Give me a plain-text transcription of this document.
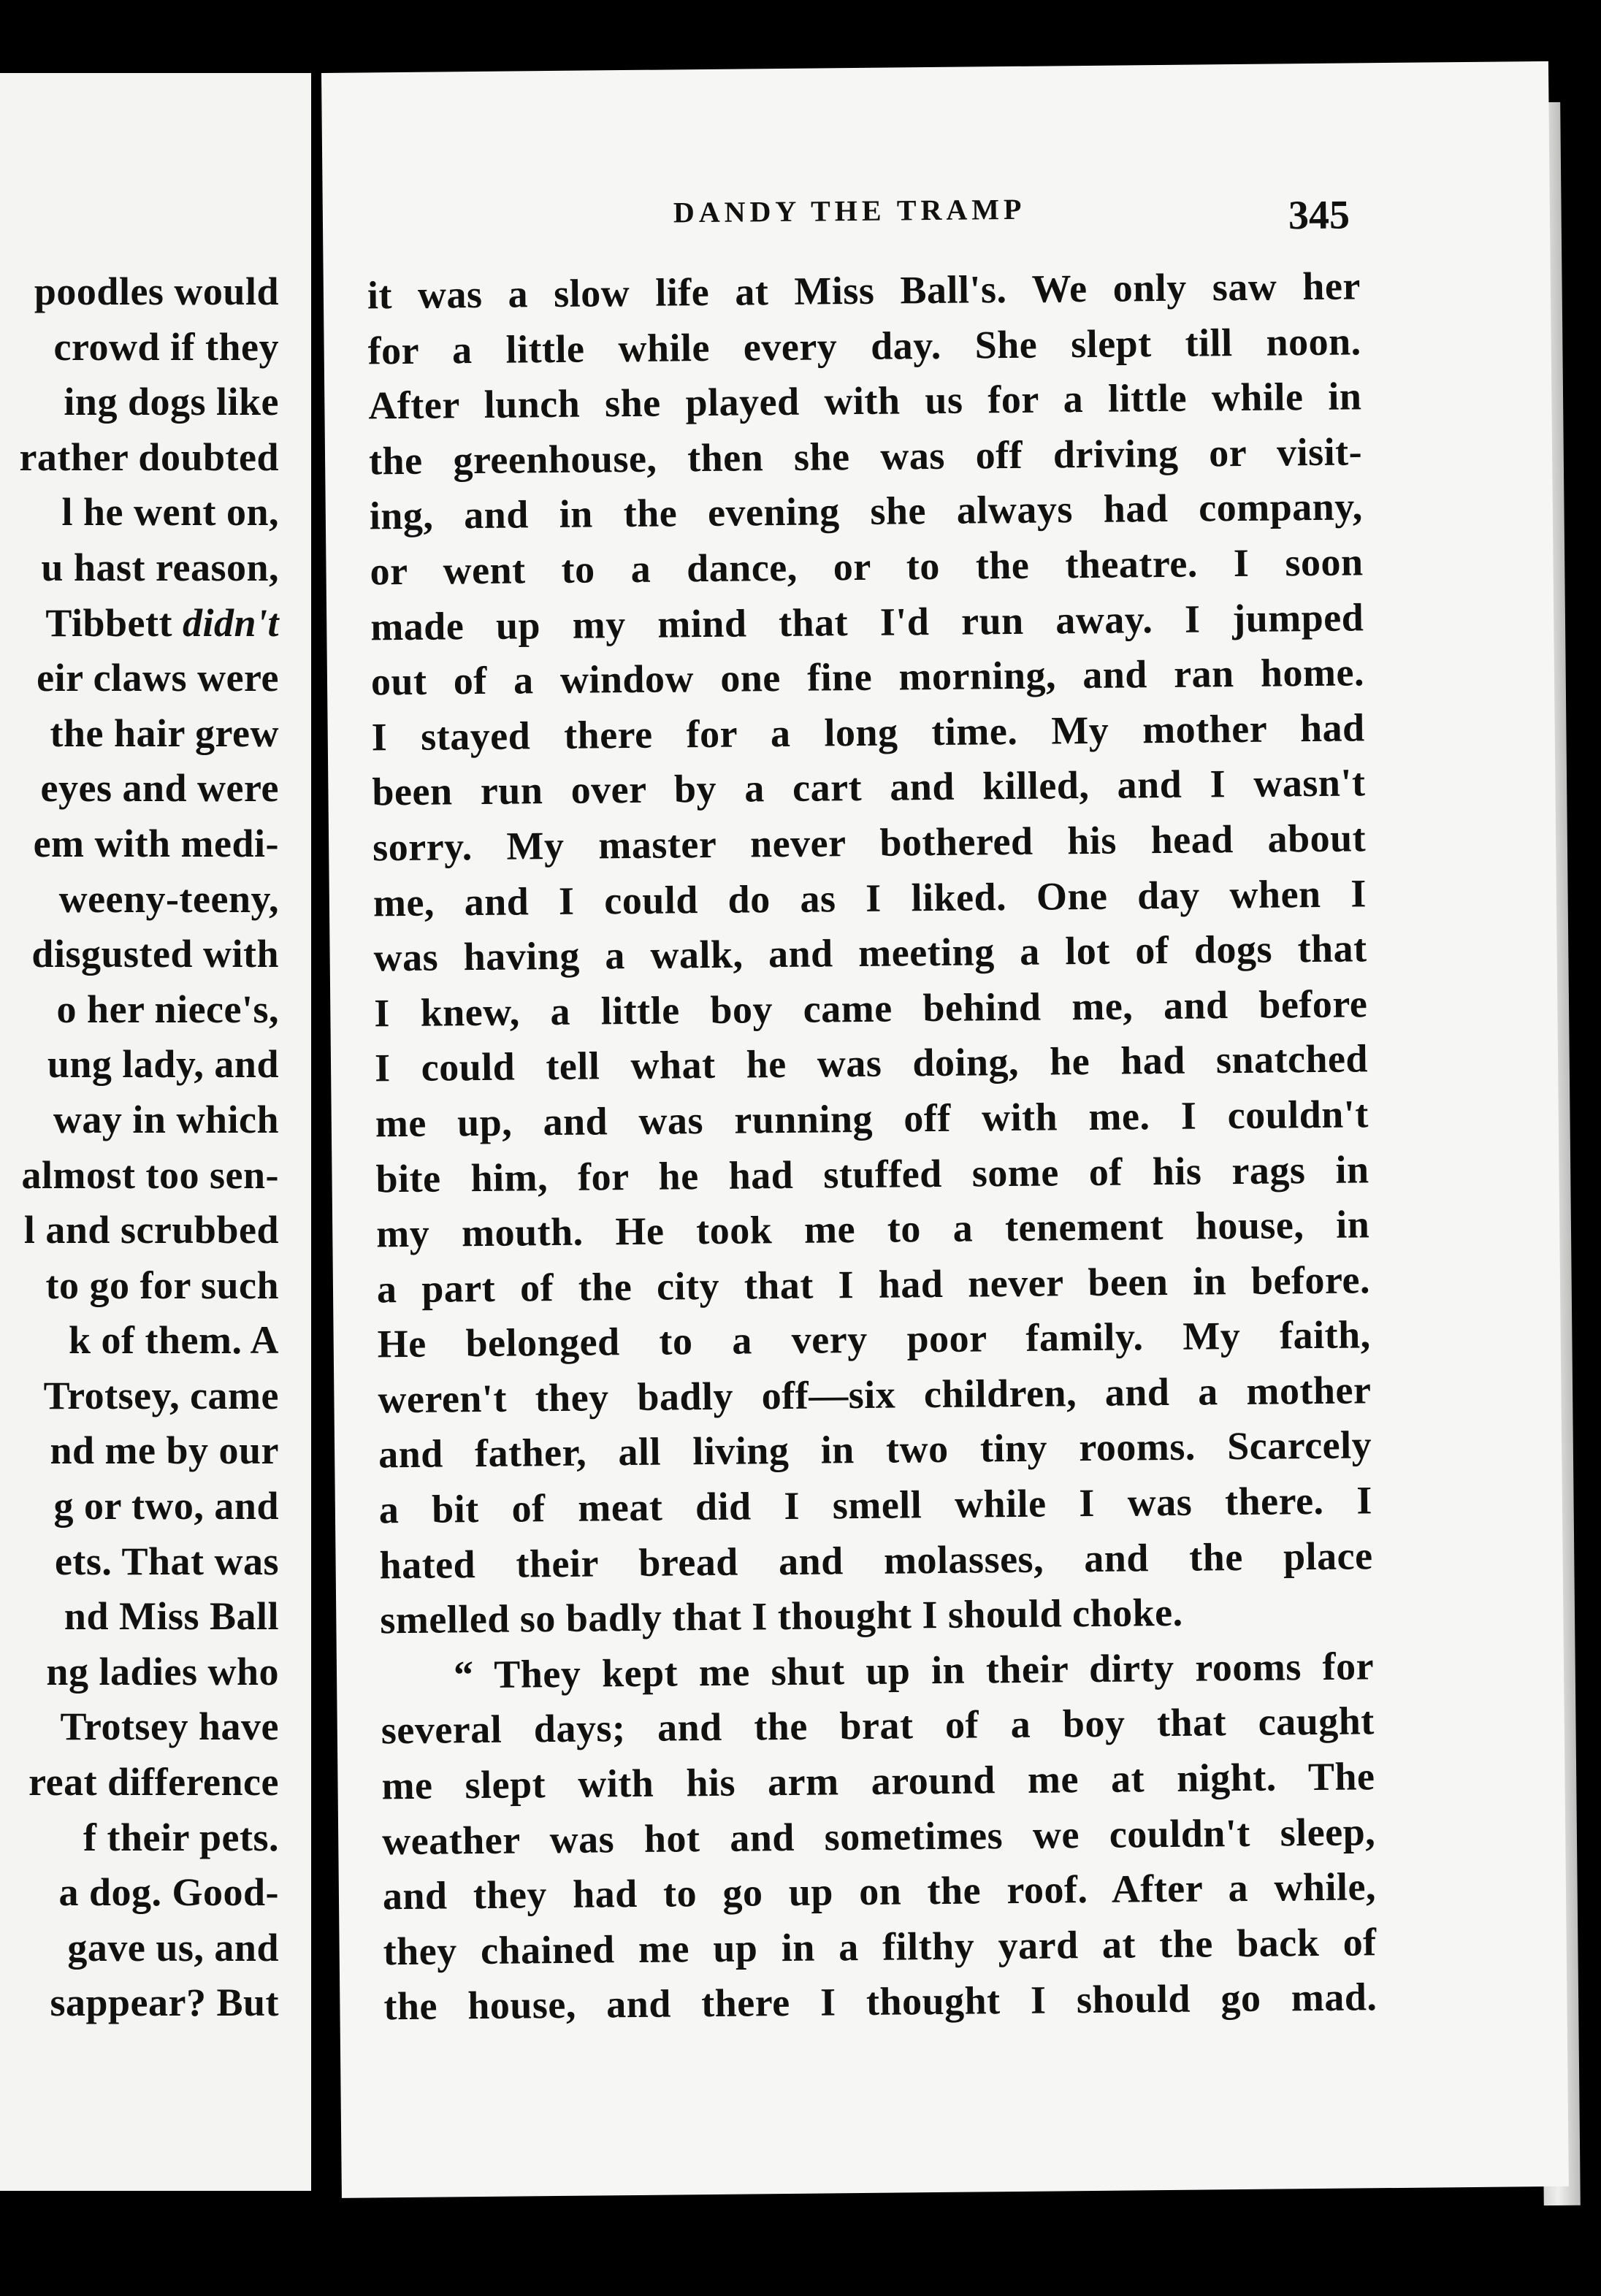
poodles would
crowd if they
ing dogs like
rather doubted
l he went on,
u hast reason,
Tibbett didn't
eir claws were
the hair grew
eyes and were
em with medi-
weeny-teeny,
disgusted with
o her niece's,
ung lady, and
way in which
almost too sen-
l and scrubbed
to go for such
k of them. A
Trotsey, came
nd me by our
g or two, and
ets. That was
nd Miss Ball
ng ladies who
Trotsey have
reat difference
f their pets.
a dog. Good-
gave us, and
sappear? But
DANDY THE TRAMP	345
it was a slow life at Miss Ball's. We only saw her
for a little while every day. She slept till noon.
After lunch she played with us for a little while in
the greenhouse, then she was off driving or visit-
ing, and in the evening she always had company,
or went to a dance, or to the theatre. I soon
made up my mind that I'd run away. I jumped
out of a window one fine morning, and ran home.
I stayed there for a long time. My mother had
been run over by a cart and killed, and I wasn't
sorry. My master never bothered his head about
me, and I could do as I liked. One day when I
was having a walk, and meeting a lot of dogs that
I knew, a little boy came behind me, and before
I could tell what he was doing, he had snatched
me up, and was running off with me. I couldn't
bite him, for he had stuffed some of his rags in
my mouth. He took me to a tenement house, in
a part of the city that I had never been in before.
He belonged to a very poor family. My faith,
weren't they badly off—six children, and a mother
and father, all living in two tiny rooms. Scarcely
a bit of meat did I smell while I was there. I
hated their bread and molasses, and the place
smelled so badly that I thought I should choke.
“ They kept me shut up in their dirty rooms for
several days; and the brat of a boy that caught
me slept with his arm around me at night. The
weather was hot and sometimes we couldn't sleep,
and they had to go up on the roof. After a while,
they chained me up in a filthy yard at the back of
the house, and there I thought I should go mad.
